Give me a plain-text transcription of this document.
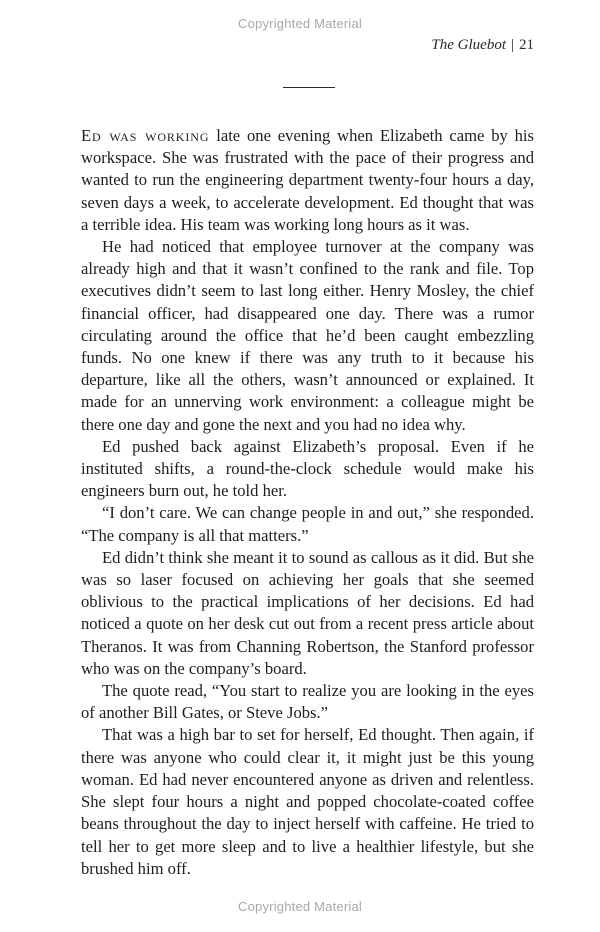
Copyrighted Material
The Gluebot | 21

Ed was working late one evening when Elizabeth came by his workspace. She was frustrated with the pace of their progress and wanted to run the engineering department twenty-four hours a day, seven days a week, to accelerate development. Ed thought that was a terrible idea. His team was working long hours as it was.

He had noticed that employee turnover at the company was already high and that it wasn’t confined to the rank and file. Top executives didn’t seem to last long either. Henry Mosley, the chief financial officer, had disappeared one day. There was a rumor circulating around the office that he’d been caught embezzling funds. No one knew if there was any truth to it because his departure, like all the others, wasn’t announced or explained. It made for an unnerving work environment: a colleague might be there one day and gone the next and you had no idea why.

Ed pushed back against Elizabeth’s proposal. Even if he instituted shifts, a round-the-clock schedule would make his engineers burn out, he told her.

“I don’t care. We can change people in and out,” she responded. “The company is all that matters.”

Ed didn’t think she meant it to sound as callous as it did. But she was so laser focused on achieving her goals that she seemed oblivious to the practical implications of her decisions. Ed had noticed a quote on her desk cut out from a recent press article about Theranos. It was from Channing Robertson, the Stanford professor who was on the company’s board.

The quote read, “You start to realize you are looking in the eyes of another Bill Gates, or Steve Jobs.”

That was a high bar to set for herself, Ed thought. Then again, if there was anyone who could clear it, it might just be this young woman. Ed had never encountered anyone as driven and relentless. She slept four hours a night and popped chocolate-coated coffee beans throughout the day to inject herself with caffeine. He tried to tell her to get more sleep and to live a healthier lifestyle, but she brushed him off.

Copyrighted Material
